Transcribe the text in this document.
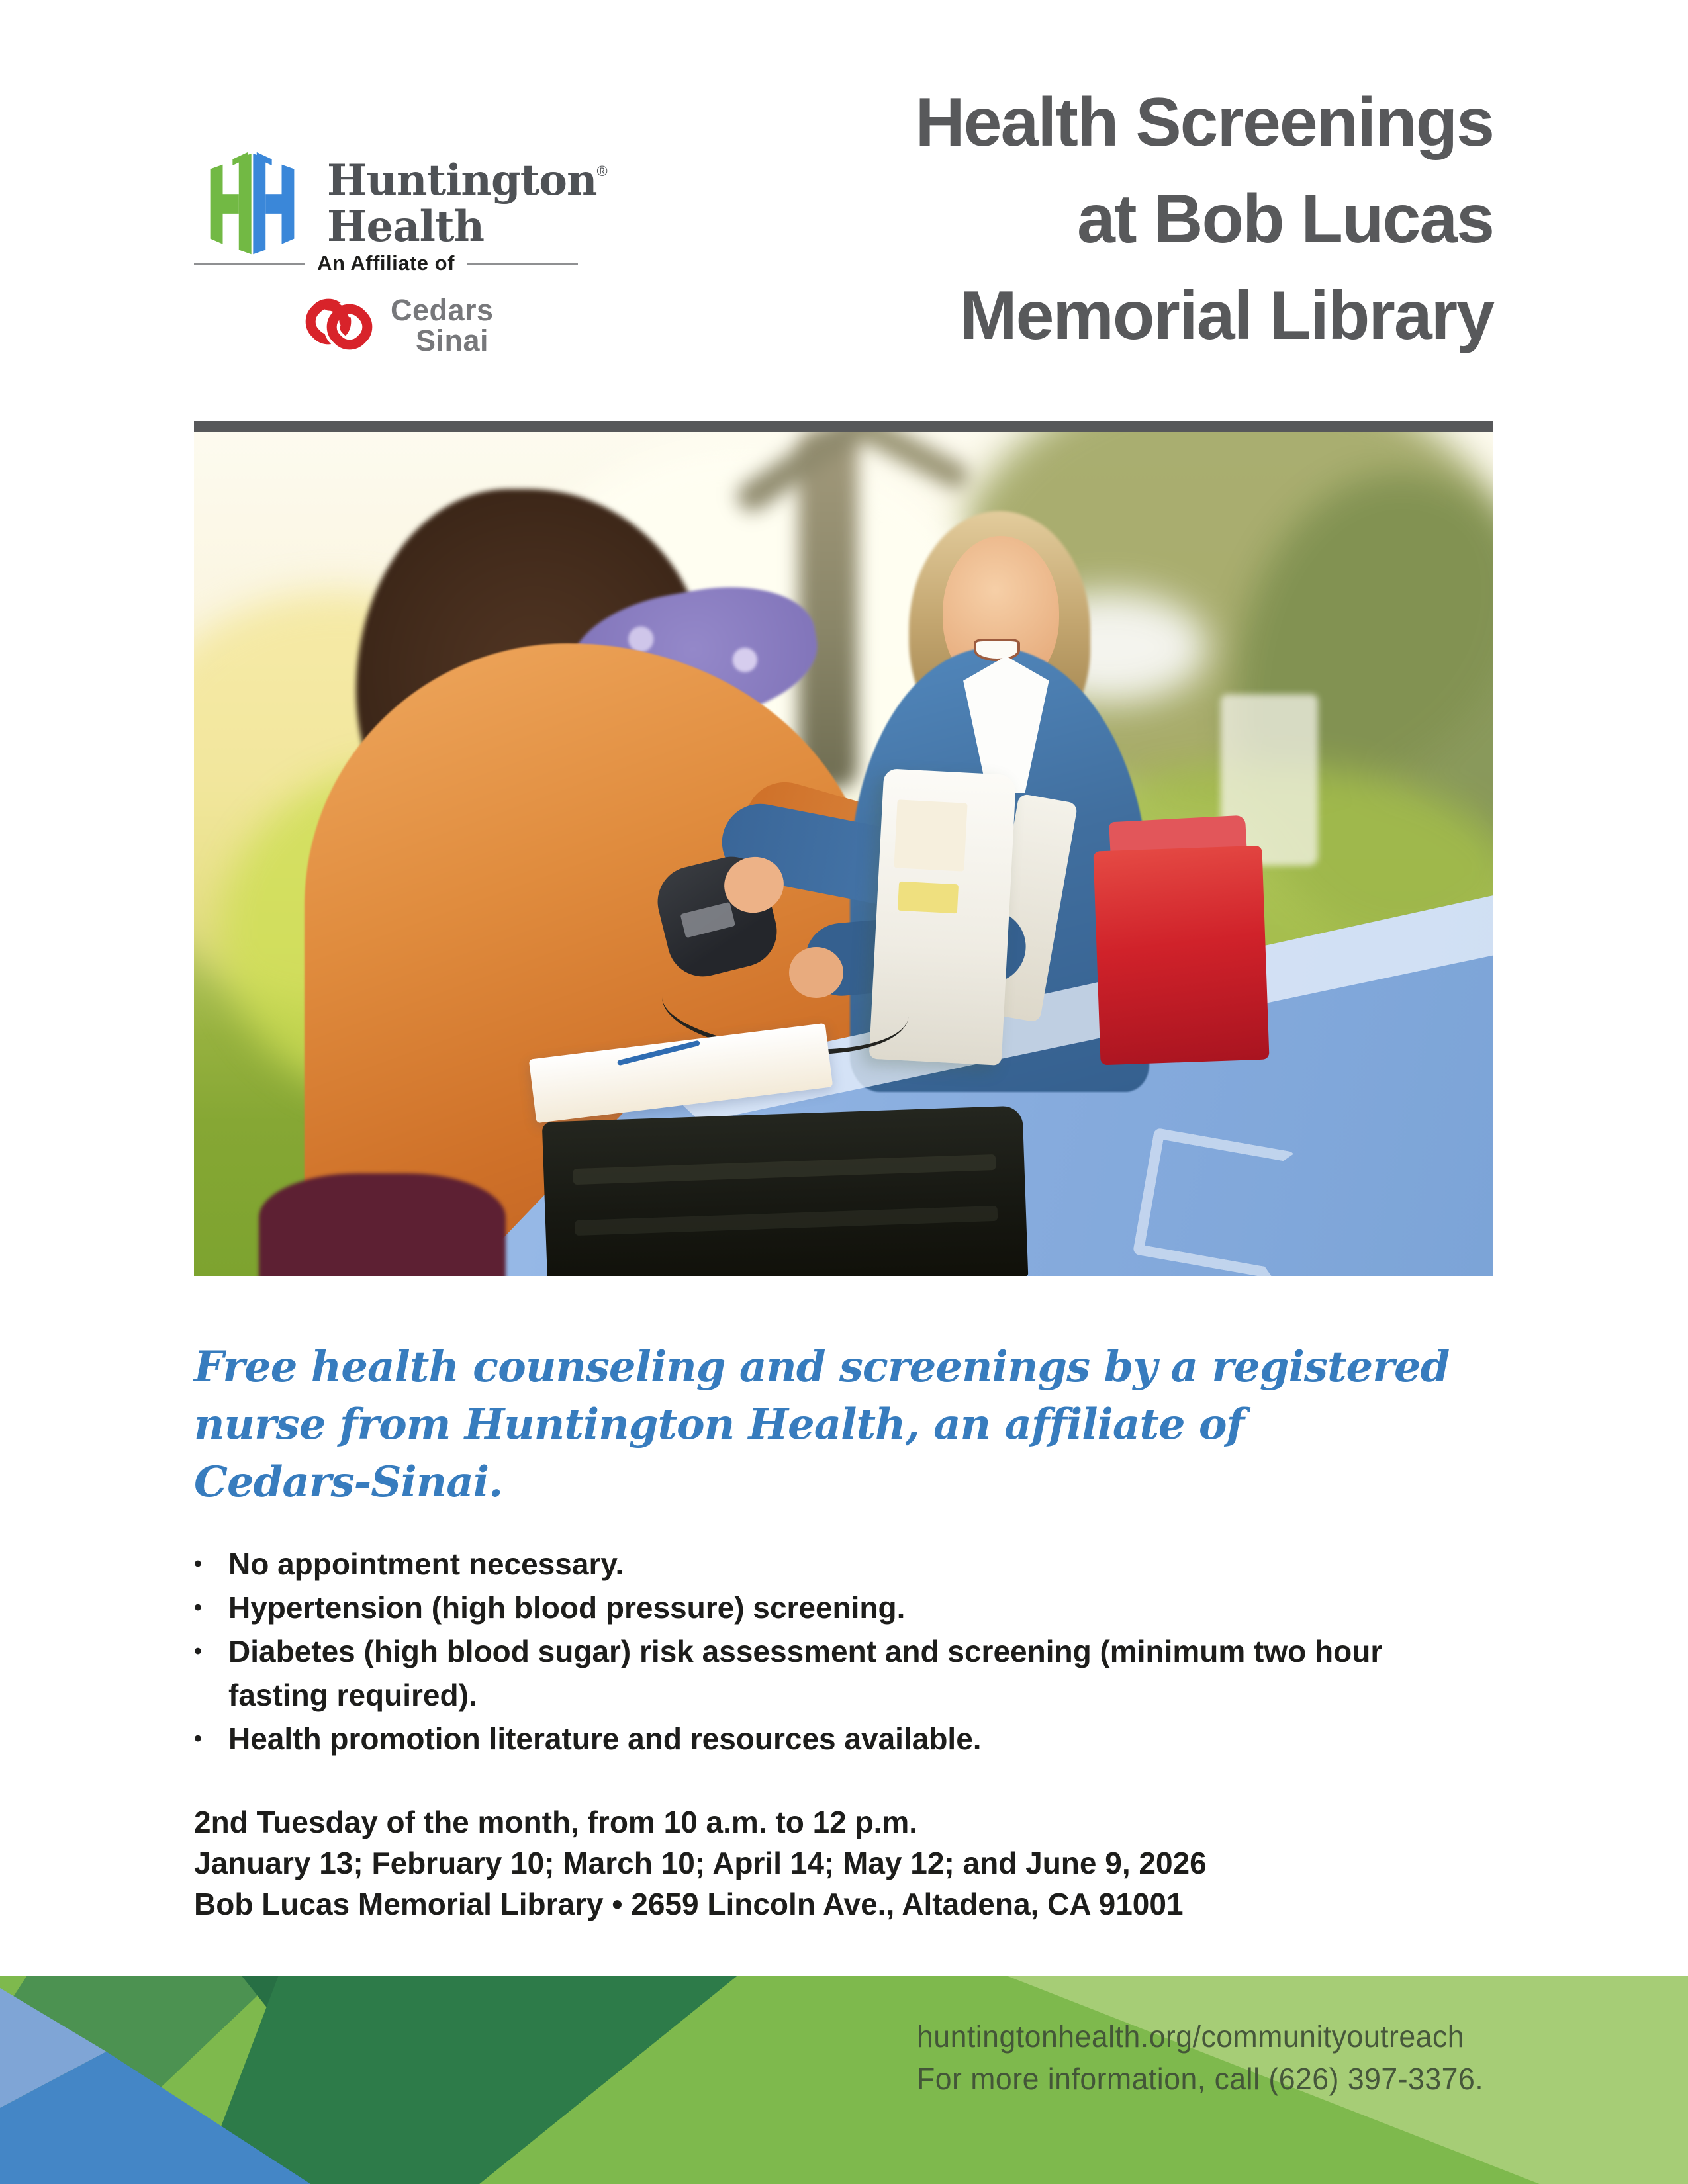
Huntington®
Health
An Affiliate of
Cedars
Sinai
Health Screenings
at Bob Lucas
Memorial Library
Free health counseling and screenings by a registered
nurse from Huntington Health, an affiliate of
Cedars-Sinai.
• No appointment necessary.
• Hypertension (high blood pressure) screening.
• Diabetes (high blood sugar) risk assessment and screening (minimum two hour fasting required).
• Health promotion literature and resources available.
2nd Tuesday of the month, from 10 a.m. to 12 p.m.
January 13; February 10; March 10; April 14; May 12; and June 9, 2026
Bob Lucas Memorial Library • 2659 Lincoln Ave., Altadena, CA 91001
huntingtonhealth.org/communityoutreach
For more information, call (626) 397-3376.
